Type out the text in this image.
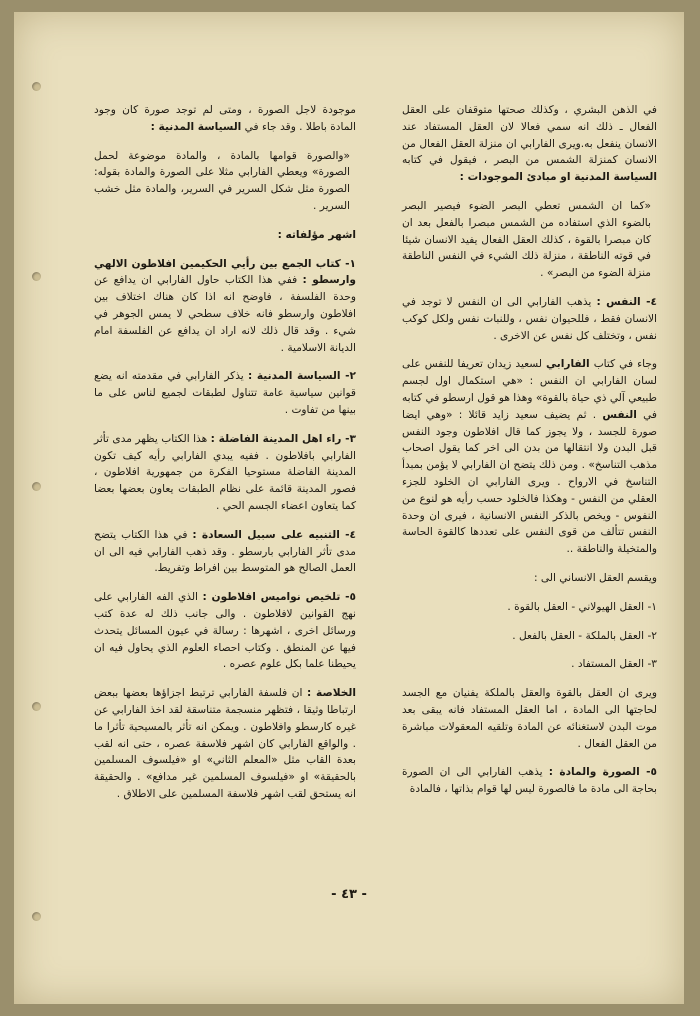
في الذهن البشري ، وكذلك صحتها متوقفان على العقل الفعال ـ ذلك انه سمي فعالا لان العقل المستفاد عند الانسان ينفعل به.ويرى الفارابي ان منزلة العقل الفعال من الانسان كمنزلة الشمس من البصر ، فيقول في كتابه السياسة المدنية او مبادئ الموجودات :

«كما ان الشمس تعطي البصر الضوء فيصير البصر بالضوء الذي استفاده من الشمس مبصرا بالفعل بعد ان كان مبصرا بالقوة ، كذلك العقل الفعال يفيد الانسان شيئا في قوته الناطقة ، منزلة ذلك الشيء في النفس الناطقة منزلة الضوء من البصر» .

٤- النفس : يذهب الفارابي الى ان النفس لا توجد في الانسان فقط ، فللحيوان نفس ، وللنبات نفس ولكل كوكب نفس ، وتختلف كل نفس عن الاخرى .

وجاء في كتاب الفارابي لسعيد زيدان تعريفا للنفس على لسان الفارابي ان النفس : «هي استكمال اول لجسم طبيعي آلي ذي حياة بالقوة» وهذا هو قول ارسطو في كتابه في النفس . ثم يضيف سعيد زايد قائلا : «وهي ايضا صورة للجسد ، ولا يجوز كما قال افلاطون وجود النفس قبل البدن ولا انتقالها من بدن الى اخر كما يقول اصحاب مذهب التناسخ» . ومن ذلك يتضح ان الفارابي لا يؤمن بمبدأ التناسخ في الارواح . ويرى الفارابي ان الخلود للجزء العقلي من النفس - وهكذا فالخلود حسب رأيه هو لنوع من النفوس - ويخص بالذكر النفس الانسانية ، فيرى ان وحدة النفس تتألف من قوى النفس على تعددها كالقوة الحاسة والمتخيلة والناطقة ..

ويقسم العقل الانساني الى :

١- العقل الهيولاني - العقل بالقوة .

٢- العقل بالملكة - العقل بالفعل .

٣- العقل المستفاد .

ويرى ان العقل بالقوة والعقل بالملكة يفنيان مع الجسد لحاجتها الى المادة ، اما العقل المستفاد فانه يبقى بعد موت البدن لاستغنائه عن المادة وتلقيه المعقولات مباشرة من العقل الفعال .

٥- الصورة والمادة : يذهب الفارابي الى ان الصورة بحاجة الى مادة ما فالصورة ليس لها قوام بذاتها ، فالمادة

موجودة لاجل الصورة ، ومتى لم توجد صورة كان وجود المادة باطلا . وقد جاء في السياسة المدنية :

«والصورة قوامها بالمادة ، والمادة موضوعة لحمل الصورة» ويعطي الفارابي مثلا على الصورة والمادة بقوله: الصورة مثل شكل السرير في السرير، والمادة مثل خشب السرير .

اشهر مؤلفاته :

١- كتاب الجمع بين رأيي الحكيمين افلاطون الالهي وارسطو : ففي هذا الكتاب حاول الفارابي ان يدافع عن وحدة الفلسفة ، فاوضح انه اذا كان هناك اختلاف بين افلاطون وارسطو فانه خلاف سطحي لا يمس الجوهر في شيء . وقد قال ذلك لانه اراد ان يدافع عن الفلسفة امام الديانة الاسلامية .

٢- السياسة المدنية : يذكر الفارابي في مقدمته انه يضع قوانين سياسية عامة تتناول لطبقات لجميع لناس على ما بينها من تفاوت .

٣- راء اهل المدينة الفاضلة : هذا الكتاب يظهر مدى تأثر الفارابي بافلاطون . ففيه يبدي الفارابي رأيه كيف تكون المدينة الفاضلة مستوحيا الفكرة من جمهورية افلاطون ، فصور المدينة قائمة على نظام الطبقات يعاون بعضها بعضا كما يتعاون اعضاء الجسم الحي .

٤- التنبيه على سبيل السعادة : في هذا الكتاب يتضح مدى تأثر الفارابي بارسطو . وقد ذهب الفارابي فيه الى ان العمل الصالح هو المتوسط بين افراط وتفريط.

٥- تلخيص نواميس افلاطون : الذي الفه الفارابي على نهج القوانين لافلاطون . والى جانب ذلك له عدة كتب ورسائل اخرى ، اشهرها : رسالة في عيون المسائل يتحدث فيها عن المنطق . وكتاب احصاء العلوم الذي يحاول فيه ان يحيطنا علما بكل علوم عصره .

الخلاصة : ان فلسفة الفارابي ترتبط اجزاؤها بعضها ببعض ارتباطا وثيقا ، فتظهر منسجمة متناسقة لقد اخذ الفارابي عن غيره كارسطو وافلاطون . ويمكن انه تأثر بالمسيحية تأثرا ما . والواقع الفارابي كان اشهر فلاسفة عصره ، حتى انه لقب بعدة القاب مثل «المعلم الثاني» او «فيلسوف المسلمين بالحقيقة» او «فيلسوف المسلمين غير مدافع» . والحقيقة انه يستحق لقب اشهر فلاسفة المسلمين على الاطلاق .

- ٤٣ -
